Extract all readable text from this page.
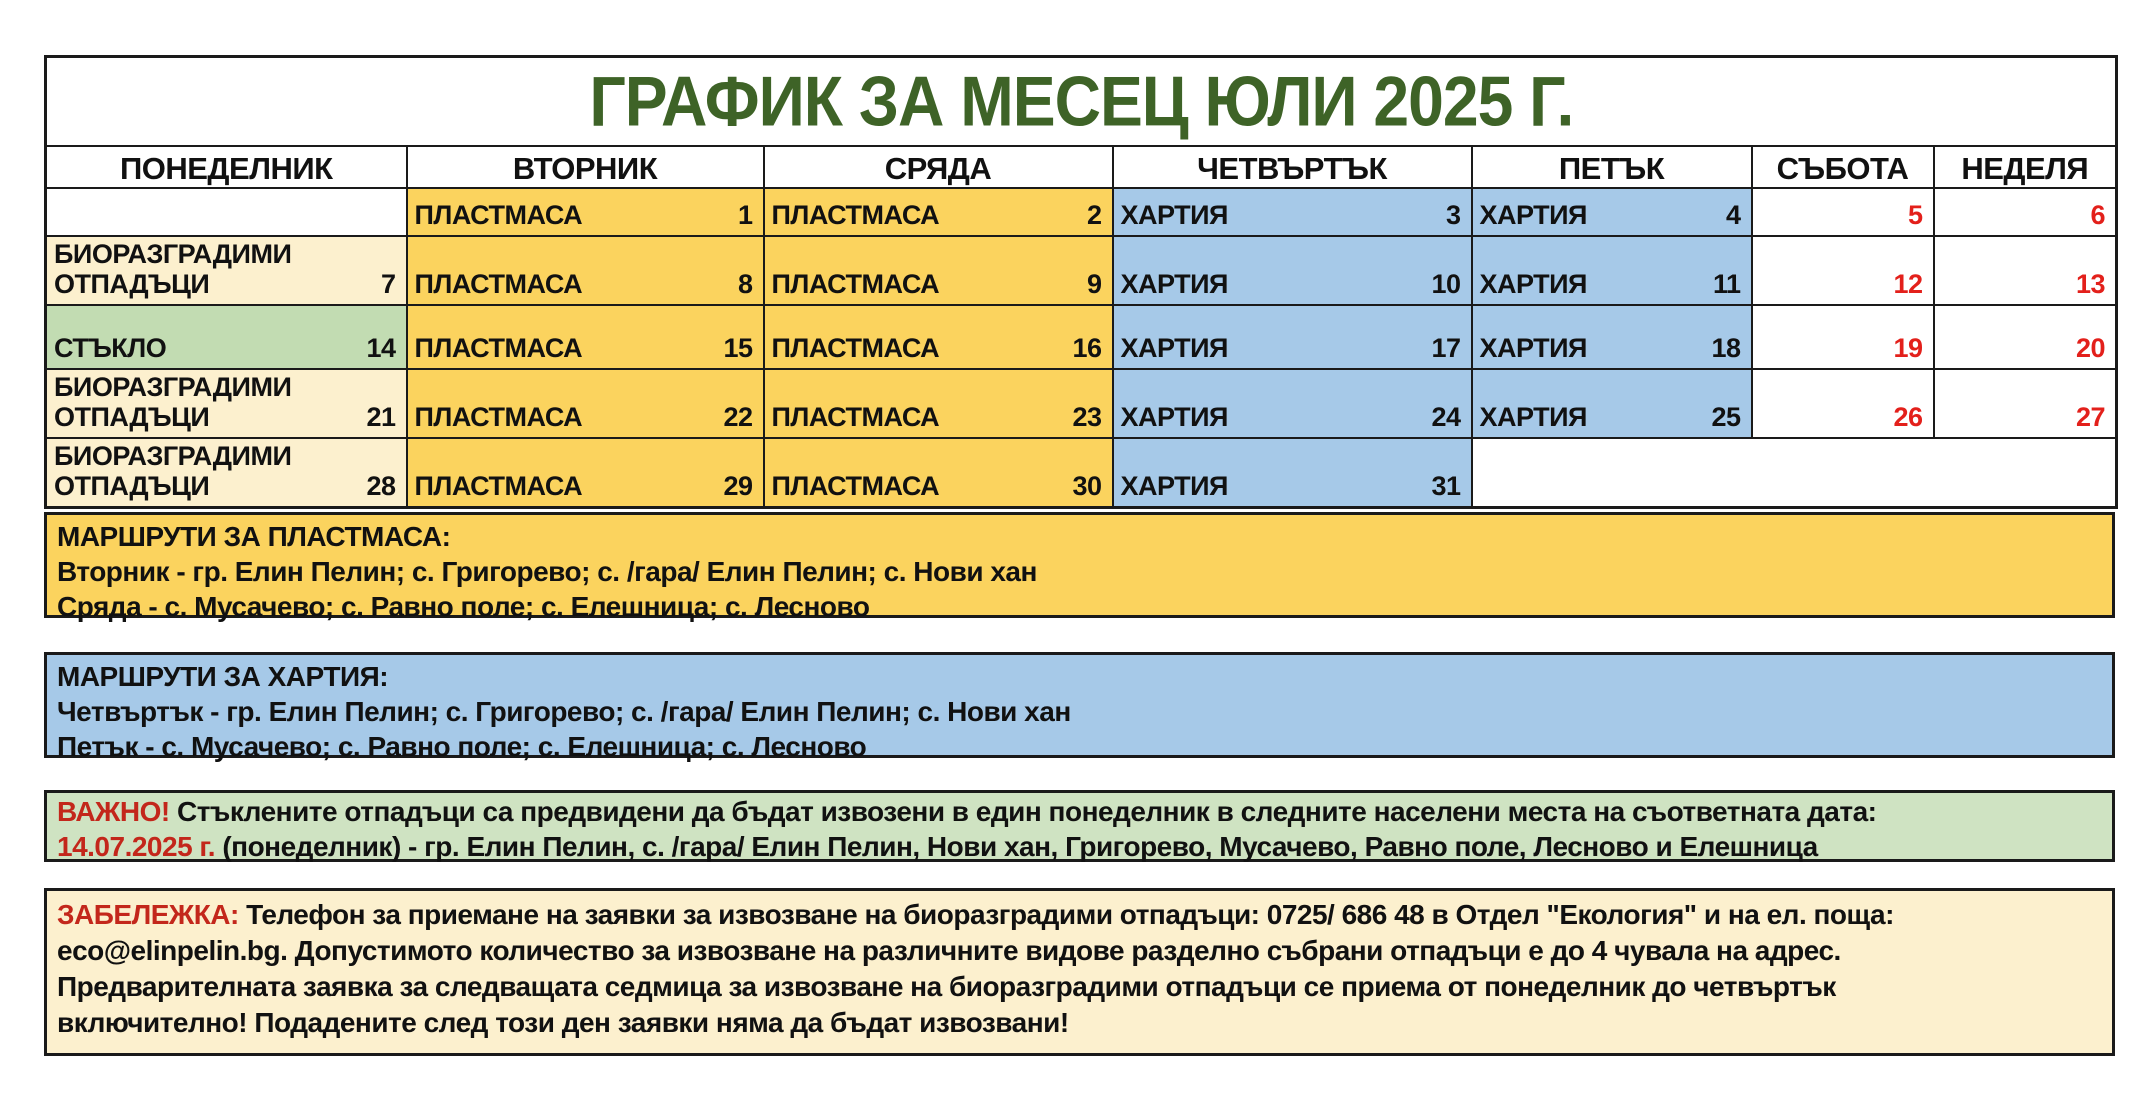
ГРАФИК ЗА МЕСЕЦ ЮЛИ 2025 Г.						
ПОНЕДЕЛНИК	ВТОРНИК	СРЯДА	ЧЕТВЪРТЪК	ПЕТЪК	СЪБОТА	НЕДЕЛЯ

	ПЛАСТМАСА 1	ПЛАСТМАСА 2	ХАРТИЯ 3	ХАРТИЯ 4	5	6

БИОРАЗГРАДИМИ ОТПАДЪЦИ 7	ПЛАСТМАСА 8	ПЛАСТМАСА 9	ХАРТИЯ 10	ХАРТИЯ 11	12	13

СТЪКЛО 14	ПЛАСТМАСА 15	ПЛАСТМАСА 16	ХАРТИЯ 17	ХАРТИЯ 18	19	20

БИОРАЗГРАДИМИ ОТПАДЪЦИ 21	ПЛАСТМАСА 22	ПЛАСТМАСА 23	ХАРТИЯ 24	ХАРТИЯ 25	26	27

БИОРАЗГРАДИМИ ОТПАДЪЦИ 28	ПЛАСТМАСА 29	ПЛАСТМАСА 30	ХАРТИЯ 31			

МАРШРУТИ ЗА ПЛАСТМАСА:
Вторник - гр. Елин Пелин; с. Григорево; с. /гара/ Елин Пелин; с. Нови хан
Сряда - с. Мусачево; с. Равно поле; с. Елешница; с. Лесново
МАРШРУТИ ЗА ХАРТИЯ:
Четвъртък - гр. Елин Пелин; с. Григорево; с. /гара/ Елин Пелин; с. Нови хан
Петък - с. Мусачево; с. Равно поле; с. Елешница; с. Лесново
ВАЖНО! Стъклените отпадъци са предвидени да бъдат извозени в един понеделник в следните населени места на съответната дата:
14.07.2025 г. (понеделник) - гр. Елин Пелин, с. /гара/ Елин Пелин, Нови хан, Григорево, Мусачево, Равно поле, Лесново и Елешница
ЗАБЕЛЕЖКА: Телефон за приемане на заявки за извозване на биоразградими отпадъци: 0725/ 686 48 в Отдел "Екология" и на ел. поща:
eco@elinpelin.bg. Допустимото количество за извозване на различните видове разделно събрани отпадъци е до 4 чувала на адрес.
Предварителната заявка за следващата седмица за извозване на биоразградими отпадъци се приема от понеделник до четвъртък
включително! Подадените след този ден заявки няма да бъдат извозвани!
